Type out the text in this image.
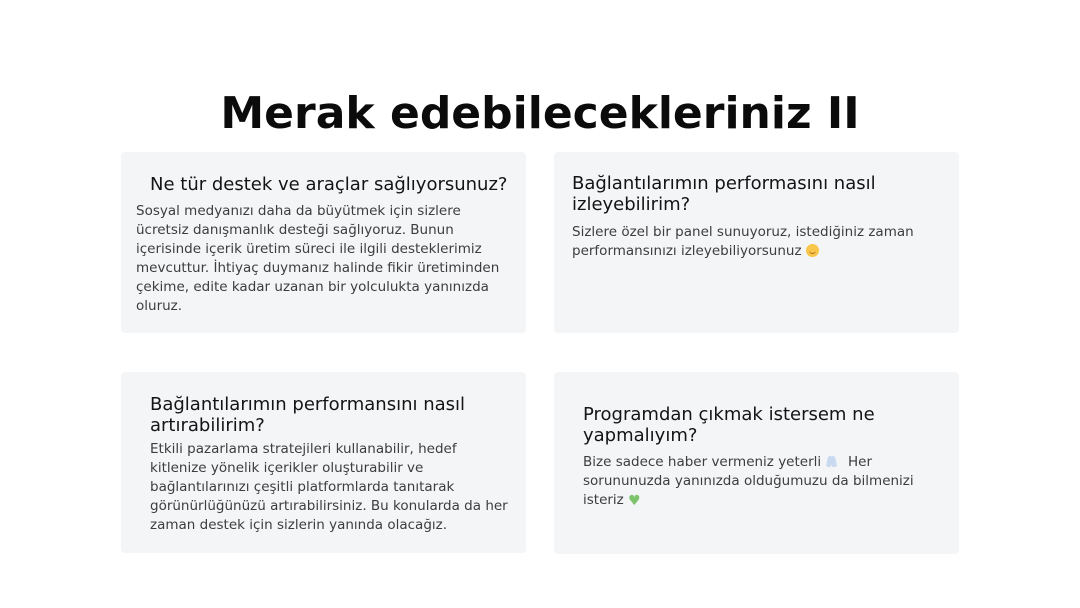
Merak edebilecekleriniz II
Ne tür destek ve araçlar sağlıyorsunuz?

Sosyal medyanızı daha da büyütmek için sizlere ücretsiz danışmanlık desteği sağlıyoruz. Bunun içerisinde içerik üretim süreci ile ilgili desteklerimiz mevcuttur. İhtiyaç duymanız halinde fikir üretiminden çekime, edite kadar uzanan bir yolculukta yanınızda oluruz.

Bağlantılarımın performasını nasıl izleyebilirim?

Sizlere özel bir panel sunuyoruz, istediğiniz zaman performansınızı izleyebiliyorsunuz

Bağlantılarımın performansını nasıl artırabilirim?

Etkili pazarlama stratejileri kullanabilir, hedef kitlenize yönelik içerikler oluşturabilir ve bağlantılarınızı çeşitli platformlarda tanıtarak görünürlüğünüzü artırabilirsiniz. Bu konularda da her zaman destek için sizlerin yanında olacağız.

Programdan çıkmak istersem ne yapmalıyım?

Bize sadece haber vermeniz yeterli Her sorununuzda yanınızda olduğumuzu da bilmenizi isteriz ♥
